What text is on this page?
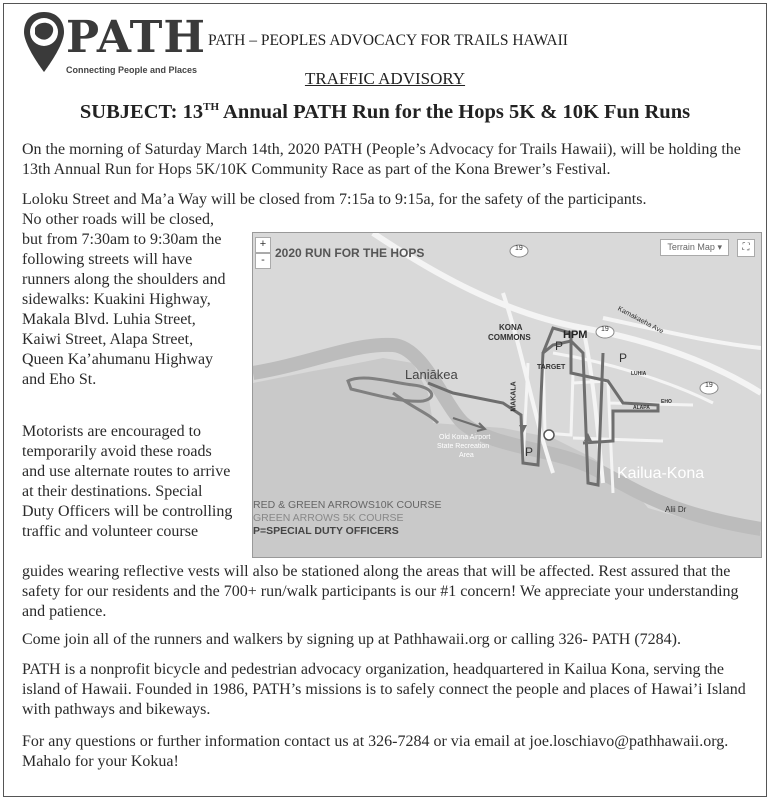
PATH
Connecting People and Places
PATH – PEOPLES ADVOCACY FOR TRAILS HAWAII
TRAFFIC ADVISORY
SUBJECT: 13TH Annual PATH Run for the Hops 5K & 10K Fun Runs

On the morning of Saturday March 14th, 2020 PATH (People’s Advocacy for Trails Hawaii), will be holding the 13th Annual Run for Hops 5K/10K Community Race as part of the Kona Brewer’s Festival.

Loloku Street and Ma’a Way will be closed from 7:15a to 9:15a, for the safety of the participants.

No other roads will be closed, but from 7:30am to 9:30am the following streets will have runners along the shoulders and sidewalks: Kuakini Highway, Makala Blvd. Luhia Street, Kaiwi Street, Alapa Street, Queen Ka’ahumanu Highway and Eho St.

Motorists are encouraged to temporarily avoid these roads and use alternate routes to arrive at their destinations. Special Duty Officers will be controlling traffic and volunteer course

guides wearing reflective vests will also be stationed along the areas that will be affected. Rest assured that the safety for our residents and the 700+ run/walk participants is our #1 concern! We appreciate your understanding and patience.

Come join all of the runners and walkers by signing up at Pathhawaii.org or calling 326- PATH (7284).

PATH is a nonprofit bicycle and pedestrian advocacy organization, headquartered in Kailua Kona, serving the island of Hawaii. Founded in 1986, PATH’s missions is to safely connect the people and places of Hawai’i Island with pathways and bikeways.

For any questions or further information contact us at 326-7284 or via email at joe.loschiavo@pathhawaii.org. Mahalo for your Kokua!

+
- 2020 RUN FOR THE HOPS	Terrain Map ▾	⛶
19
19
19
Laniākea
Kailua-Kona
KONA
COMMONS	HPM
TARGET
MAKALA
Kamakaeha Ave
LUHIA
EHO
ALAPA
Old Kona Airport
State Recreation
Area
Alii Dr
P
P
P
RED & GREEN ARROWS10K COURSE
GREEN ARROWS 5K COURSE
P=SPECIAL DUTY OFFICERS
